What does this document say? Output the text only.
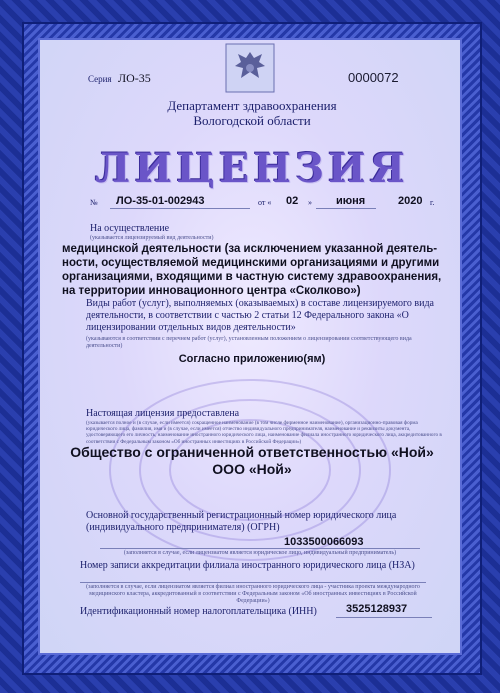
Серия ЛО-35	0000072
Департамент здравоохранения
Вологодской области
ЛИЦЕНЗИЯ
№ ЛО-35-01-002943	от « 02 » июня	2020 г.
На осуществление
(указывается лицензируемый вид деятельности)
медицинской деятельности (за исключением указанной деятель-ности, осуществляемой медицинскими организациями и другими организациями, входящими в частную систему здравоохранения, на территории инновационного центра «Сколково»)
Виды работ (услуг), выполняемых (оказываемых) в составе лицензируемого вида деятельности, в соответствии с частью 2 статьи 12 Федерального закона «О лицензировании отдельных видов деятельности»
(указываются в соответствии с перечнем работ (услуг), установленным положением о лицензировании соответствующего вида деятельности)
Согласно приложению(ям)
Настоящая лицензия предоставлена
(указывается полное и (в случае, если имеется) сокращенное наименование (в том числе фирменное наименование), организационно-правовая форма юридического лица, фамилия, имя и (в случае, если имеется) отчество индивидуального предпринимателя, наименование и реквизиты документа, удостоверяющего его личность, наименование иностранного юридического лица, наименование филиала иностранного юридического лица, аккредитованного в соответствии с Федеральным законом «Об иностранных инвестициях в Российской Федерации»)
Общество с ограниченной ответственностью «Ной»
ООО «Ной»
Основной государственный регистрационный номер юридического лица (индивидуального предпринимателя) (ОГРН)
1033500066093
(заполняется в случае, если лицензиатом является юридическое лицо, индивидуальный предприниматель)
Номер записи аккредитации филиала иностранного юридического лица (НЗА)
(заполняется в случае, если лицензиатом является филиал иностранного юридического лица - участника проекта международного медицинского кластера, аккредитованный в соответствии с Федеральным законом «Об иностранных инвестициях в Российской Федерации»)
Идентификационный номер налогоплательщика (ИНН)	3525128937
